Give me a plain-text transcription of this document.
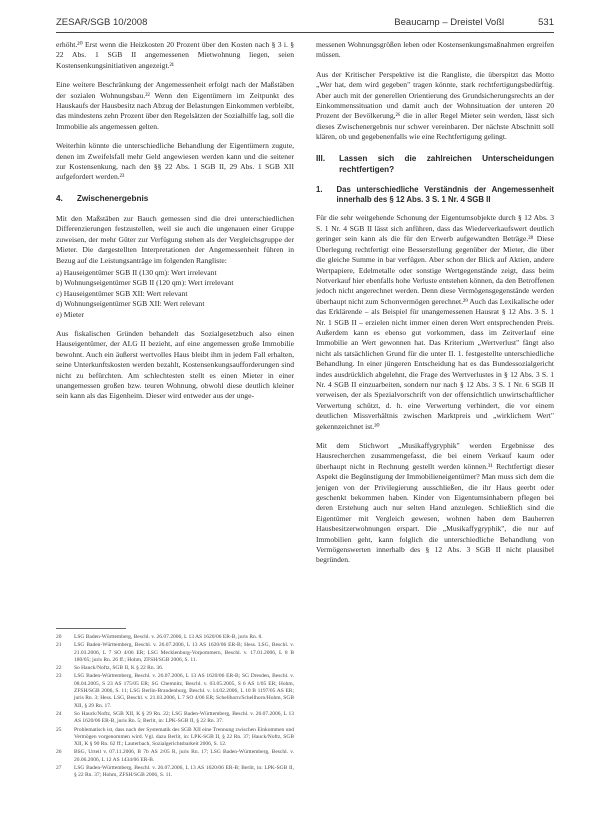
ZESAR/SGB 10/2008	Beaucamp – Dreistel Voßl	531

erhöht.²⁰ Erst wenn die Heizkosten 20 Prozent über den Kosten nach § 3 i. § 22 Abs. 1 SGB II angemessenen Mietwohnung liegen, seien Kostensenkungsinitiativen angezeigt.²¹

Eine weitere Beschränkung der Angemessenheit erfolgt nach der Maßstäben der sozialen Wohnungsbau.²² Wenn den Eigentümern im Zeitpunkt des Hauskaufs der Hausbesitz nach Abzug der Belastungen Einkommen verbleibt, das mindestens zehn Prozent über den Regelsätzen der Sozialhilfe lag, soll die Immobilie als angemessen gelten.

Weiterhin könnte die unterschiedliche Behandlung der Eigentümern zugute, denen im Zweifelsfall mehr Geld angewiesen werden kann und die seitener zur Kostensenkung, nach den §§ 22 Abs. 1 SGB II, 29 Abs. 1 SGB XII aufgefordert werden.²³

4. Zwischenergebnis

Mit den Maßstäben zur Bauch gemessen sind die drei unterschiedlichen Differenzierungen festzustellen, weil sie auch die ungenauen einer Gruppe zuweisen, der mehr Güter zur Verfügung stehen als der Vergleichsgruppe der Mieter. Die dargestellten Interpretationen der Angemessenheit führen in Bezug auf die Leistungsanträge im folgenden Rangliste:

a) Hauseigentümer SGB II (130 qm): Wert irrelevant
b) Wohnungseigentümer SGB II (120 qm): Wert irrelevant
c) Hauseigentümer SGB XII: Wert relevant
d) Wohnungseigentümer SGB XII: Wert relevant
e) Mieter

Aus fiskalischen Gründen behandelt das Sozialgesetzbuch also einen Hauseigentümer, der ALG II bezieht, auf eine angemessen große Immobilie bewohnt. Auch ein äußerst wertvolles Haus bleibt ihm in jedem Fall erhalten, seine Unterkunftskosten werden bezahlt, Kostensenkungsaufforderungen sind nicht zu befürchten. Am schlechtesten stellt es einen Mieter in einer unangemessen großen bzw. teuren Wohnung, obwohl diese deutlich kleiner sein kann als das Eigenheim. Dieser wird entweder aus der unge-

20	LSG Baden-Württemberg, Beschl. v. 26.07.2006, L 13 AS 1620/06 ER-B, juris Rn. 8.
21	LSG Baden-Württemberg, Beschl. v. 26.07.2006, L 13 AS 1620/06 ER-B; Hess. LSG, Beschl. v. 21.03.2006, L 7 SO 4/06 ER; LSG Mecklenburg-Vorpommern, Beschl. v. 17.01.2006, L 8 B 180/05; juris Rn. 26 ff.; Hohm, ZFSH/SGB 2006, S. 11.
22	So Hauck/Noftz, SGB II, K § 22 Rn. 36.
23	LSG Baden-Württemberg, Beschl. v. 26.07.2006, L 13 AS 1620/06 ER-B; SG Dresden, Beschl. v. 08.04.2005, S 23 AS 175/05 ER; SG Chemnitz, Beschl. v. 03.05.2005, S 6 AS 1/05 ER; Hohm, ZFSH/SGB 2006, S. 11; LSG Berlin-Brandenburg, Beschl. v. 14.02.2006, L 10 B 1197/05 AS ER; juris Rn. 3; Hess. LSG, Beschl. v. 21.03.2006, L 7 SO 4/06 ER; Schellhorn/Schellhorn/Hohm, SGB XII, § 29 Rn. 17.
24	So Hauck/Noftz, SGB XII, K § 29 Rn. 22; LSG Baden-Württemberg, Beschl. v. 26.07.2006, L 13 AS 1620/06 ER-B, juris Rn. 5; Berlit, in: LPK-SGB II, § 22 Rn. 37.
25	Problematisch ist, dass nach der Systematik des SGB XII eine Trennung zwischen Einkommen und Vermögen vorgenommen wird. Vgl. dazu Berlit, in: LPK-SGB II, § 22 Rn. 37; Hauck/Noftz, SGB XII, K § 90 Rn. 62 ff.; Lauterbach, Sozialgerichtsbarkeit 2006, S. 12.
26	BSG, Urteil v. 07.11.2006, B 7b AS 2/05 R, juris Rn. 17; LSG Baden-Württemberg, Beschl. v. 20.06.2006, L 12 AS 1434/06 ER-B.
27	LSG Baden-Württemberg, Beschl. v. 26.07.2006, L 13 AS 1620/06 ER-B; Berlit, in: LPK-SGB II, § 22 Rn. 37; Hohm, ZFSH/SGB 2006, S. 11.

messenen Wohnungsgrößen leben oder Kostensenkungsmaßnahmen ergreifen müssen.

Aus der Kritischer Perspektive ist die Rangliste, die überspitzt das Motto „Wer hat, dem wird gegeben" tragen könnte, stark rechtfertigungsbedürftig. Aber auch mit der generellen Orientierung des Grundsicherungsrechts an der Einkommenssituation und damit auch der Wohnsituation der unteren 20 Prozent der Bevölkerung,²⁶ die in aller Regel Mieter sein werden, lässt sich dieses Zwischenergebnis nur schwer vereinbaren. Der nächste Abschnitt soll klären, ob und gegebenenfalls wie eine Rechtfertigung gelingt.

III. Lassen sich die zahlreichen Unterscheidungen rechtfertigen?
1. Das unterschiedliche Verständnis der Angemessenheit innerhalb des § 12 Abs. 3 S. 1 Nr. 4 SGB II

Für die sehr weitgehende Schonung der Eigentumsobjekte durch § 12 Abs. 3 S. 1 Nr. 4 SGB II lässt sich anführen, dass das Wiederverkaufswert deutlich geringer sein kann als die für den Erwerb aufgewandten Beträge.²⁸ Diese Überlegung rechtfertigt eine Besserstellung gegenüber der Mieter, die über die gleiche Summe in bar verfügen. Aber schon der Blick auf Aktien, andere Wertpapiere, Edelmetalle oder sonstige Wertgegenstände zeigt, dass beim Notverkauf hier ebenfalls hohe Verluste entstehen können, da den Betroffenen jedoch nicht angerechnet werden. Denn diese Vermögensgegenstände werden überhaupt nicht zum Schonvermögen gerechnet.²⁹ Auch das Lexikalische oder das Erklärende – als Beispiel für unangemessenen Hausrat § 12 Abs. 3 S. 1 Nr. 1 SGB II – erzielen nicht immer einen deren Wert entsprechenden Preis. Außerdem kann es ebenso gut vorkommen, dass im Zeitverlauf eine Immobilie an Wert gewonnen hat. Das Kriterium „Wertverlust" fängt also nicht als tatsächlichen Grund für die unter II. 1. festgestellte unterschiedliche Behandlung. In einer jüngeren Entscheidung hat es das Bundessozialgericht indes ausdrücklich abgelehnt, die Frage des Wertverlustes in § 12 Abs. 3 S. 1 Nr. 4 SGB II einzuarbeiten, sondern nur nach § 12 Abs. 3 S. 1 Nr. 6 SGB II verweisen, der als Spezialvorschrift von der offensichtlich unwirtschaftlicher Verwertung schützt, d. h. eine Verwertung verhindert, die vor einem deutlichen Missverhältnis zwischen Marktpreis und „wirklichem Wert" gekennzeichnet ist.³⁰

Mit dem Stichwort „Musikaffygryphik" werden Ergebnisse des Hausrecherchen zusammengefasst, die bei einem Verkauf kaum oder überhaupt nicht in Rechnung gestellt werden können.³¹ Rechtfertigt dieser Aspekt die Begünstigung der Immobilieneigentümer? Man muss sich dem die jenigen von der Privilegierung ausschließen, die ihr Haus geerbt oder geschenkt bekommen haben. Kinder von Eigentumsinhabern pflegen bei deren Erstehung auch nur selten Hand anzulegen. Schließlich sind die Eigentümer mit Vergleich gewesen, wohnen haben dem Bauherren Hausbesitzerwohnungen erspart. Die „Musikaffygryphik", die nur auf Immobilien geht, kann folglich die unterschiedliche Behandlung von Vermögenswerten innerhalb des § 12 Abs. 3 SGB II nicht plausibel begründen.
